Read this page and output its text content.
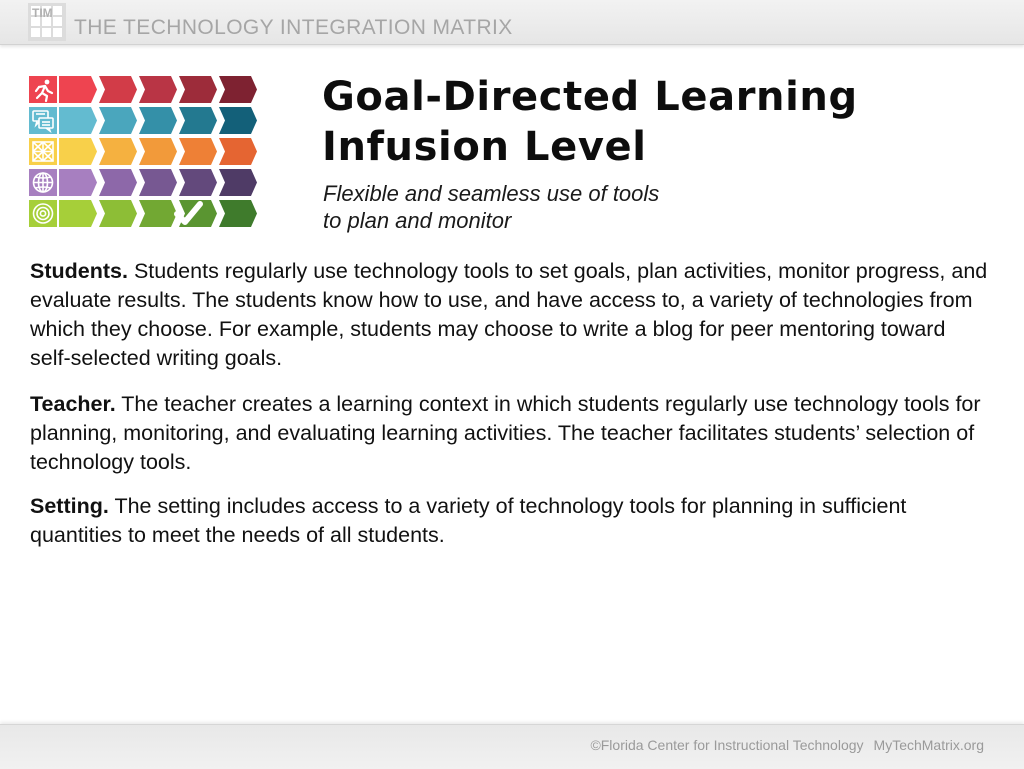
TIM
THE TECHNOLOGY INTEGRATION MATRIX
Goal-Directed Learning
Infusion Level

Flexible and seamless use of tools
to plan and monitor

Students. Students regularly use technology tools to set goals, plan activities, monitor progress, and evaluate results. The students know how to use, and have access to, a variety of technologies from which they choose. For example, students may choose to write a blog for peer mentoring toward self-selected writing goals.

Teacher. The teacher creates a learning context in which students regularly use technology tools for planning, monitoring, and evaluating learning activities. The teacher facilitates students’ selection of technology tools.

Setting. The setting includes access to a variety of technology tools for planning in sufficient quantities to meet the needs of all students.

©Florida Center for Instructional Technology MyTechMatrix.org
